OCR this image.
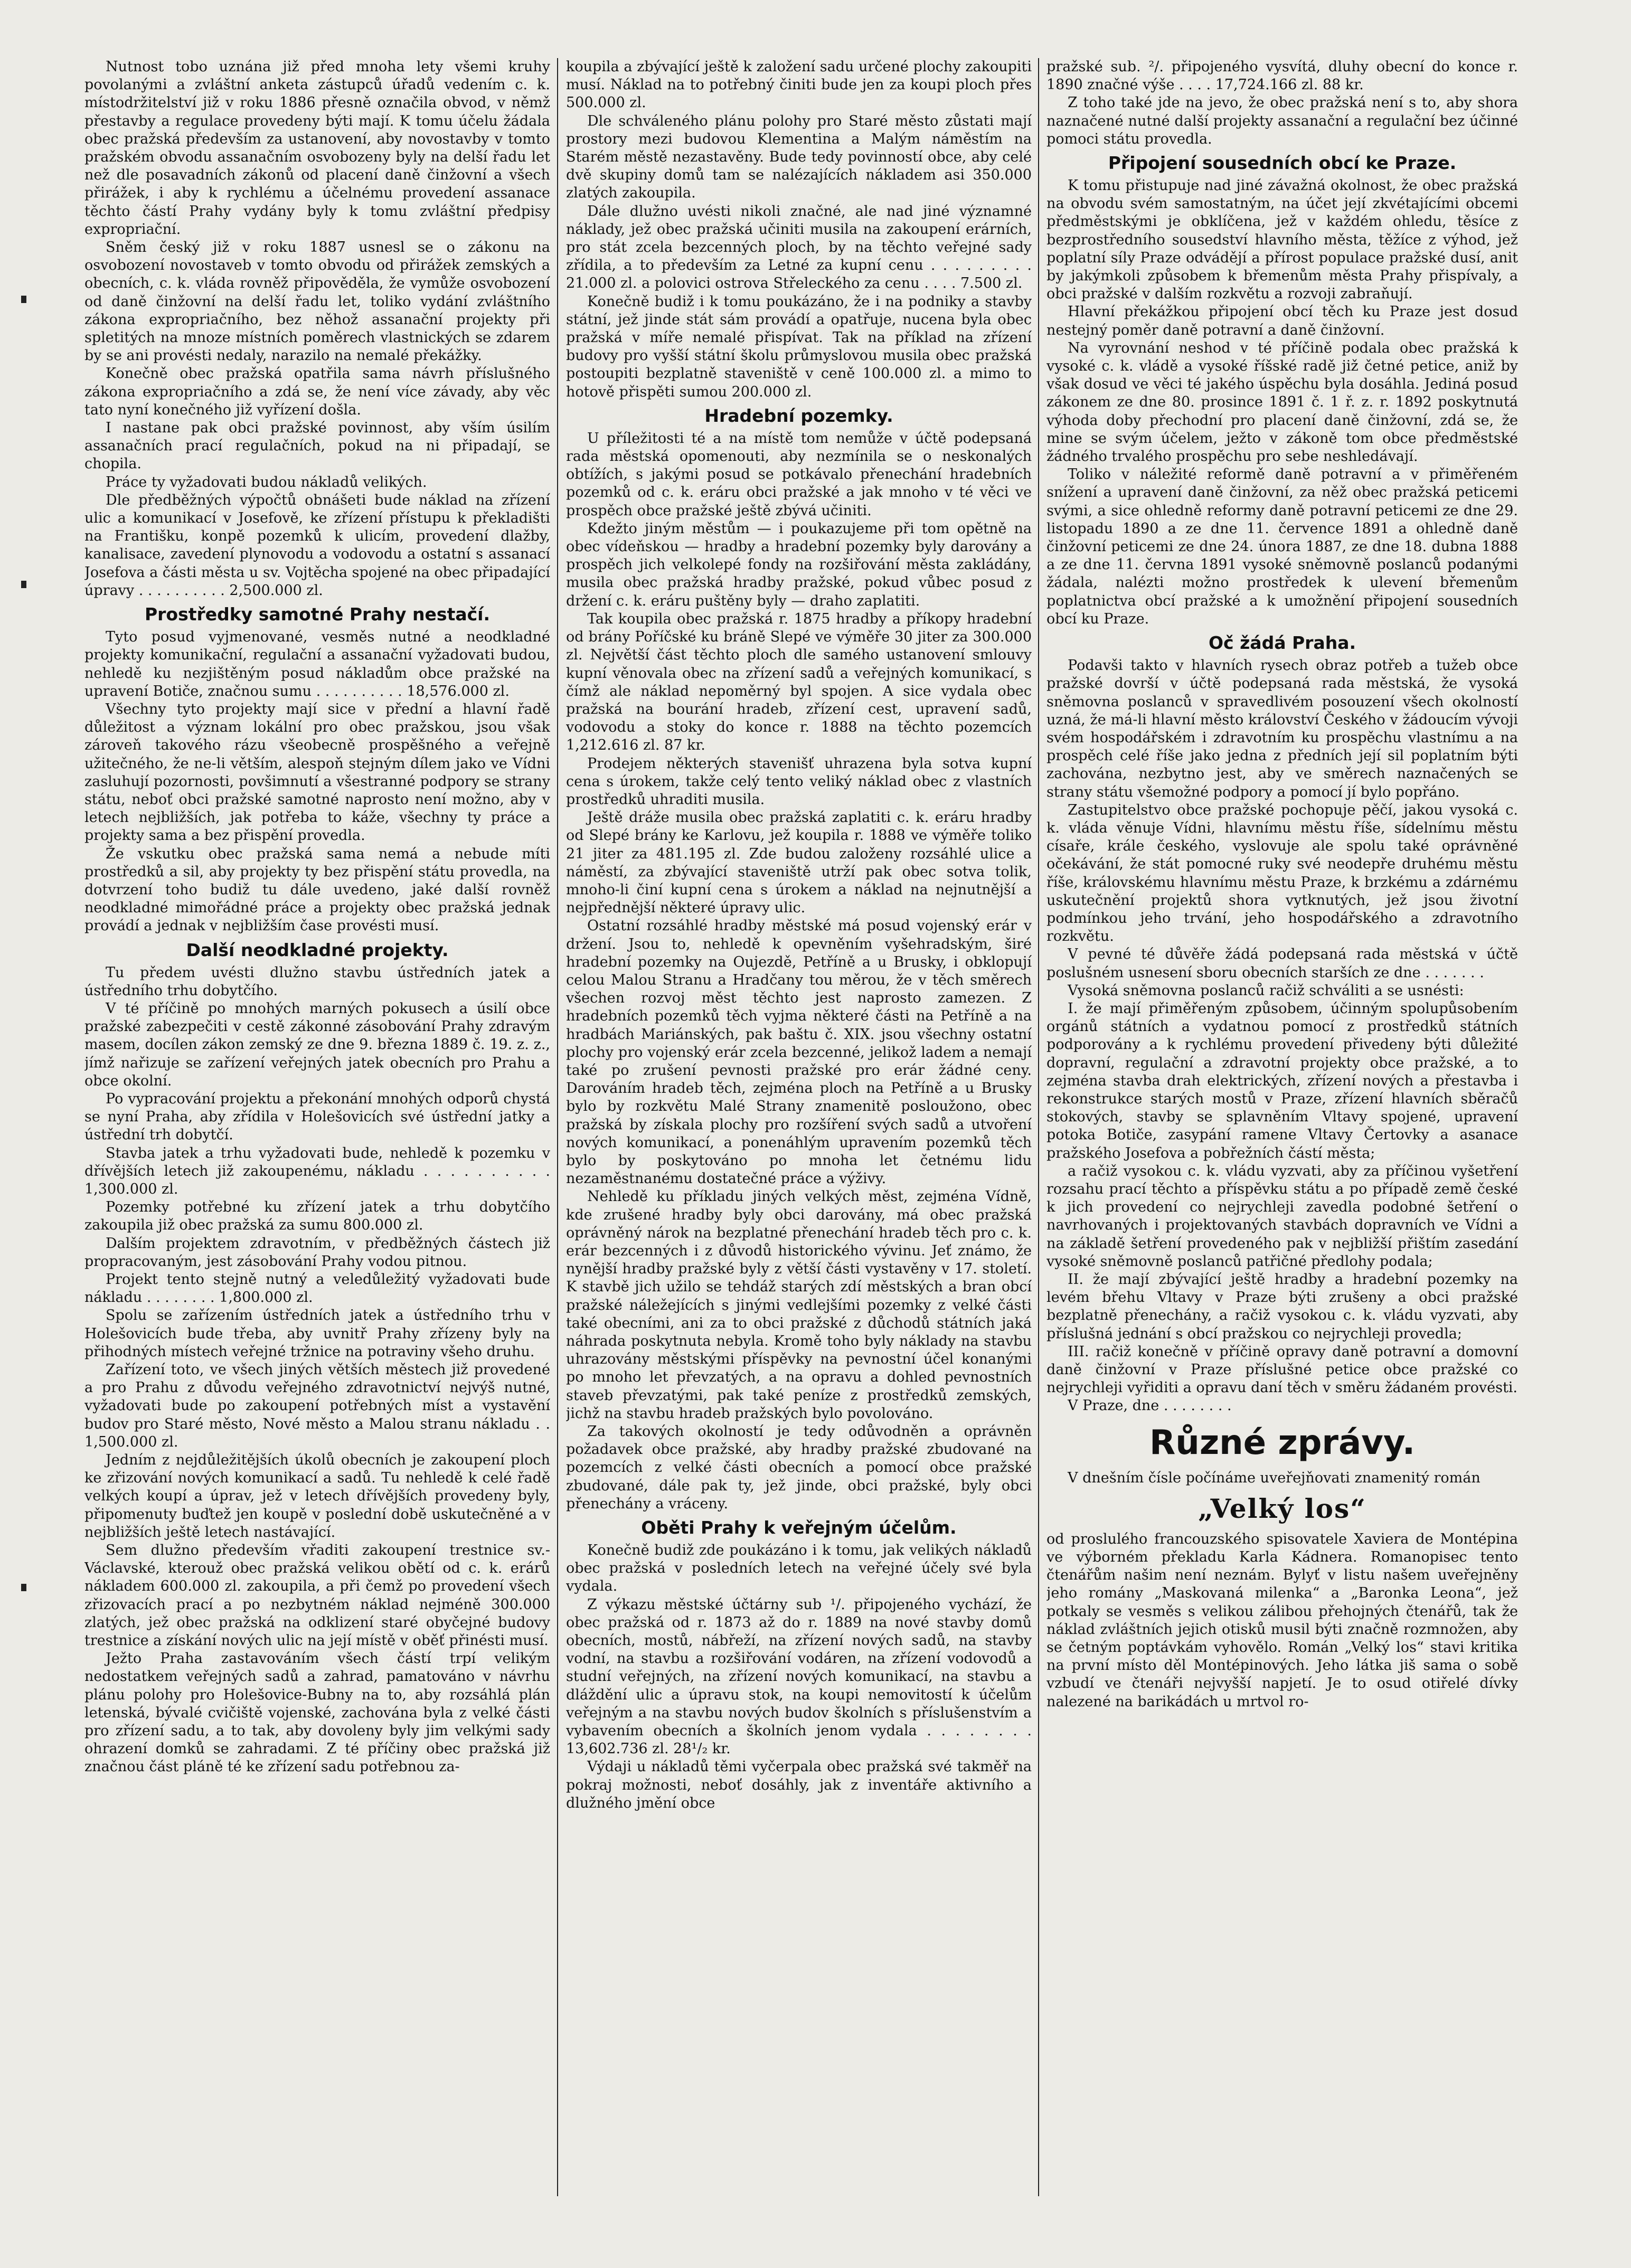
Nutnost tobo uznána již před mnoha lety všemi kruhy povolanými a zvláštní anketa zástupců úřadů vedením c. k. místodržitelství již v roku 1886 přesně označila obvod, v němž přestavby a regulace provedeny býti mají. K tomu účelu žádala obec pražská především za ustanovení, aby novostavby v tomto pražském obvodu assanačním osvobozeny byly na delší řadu let než dle posavadních zákonů od placení daně činžovní a všech přirážek, i aby k rychlému a účelnému provedení assanace těchto částí Prahy vydány byly k tomu zvláštní předpisy expropriační.

Sněm český již v roku 1887 usnesl se o zákonu na osvobození novostaveb v tomto obvodu od přirážek zemských a obecních, c. k. vláda rovněž připověděla, že vymůže osvobození od daně činžovní na delší řadu let, toliko vydání zvláštního zákona expropriačního, bez něhož assanační projekty při spletitých na mnoze místních poměrech vlastnických se zdarem by se ani provésti nedaly, narazilo na nemalé překážky.

Konečně obec pražská opatřila sama návrh příslušného zákona expropriačního a zdá se, že není více závady, aby věc tato nyní konečného již vyřízení došla.

I nastane pak obci pražské povinnost, aby vším úsilím assanačních prací regulačních, pokud na ni připadají, se chopila.

Práce ty vyžadovati budou nákladů velikých.

Dle předběžných výpočtů obnášeti bude náklad na zřízení ulic a komunikací v Josefově, ke zřízení přístupu k překladišti na Františku, konpě pozemků k ulicím, provedení dlažby, kanalisace, zavedení plynovodu a vodovodu a ostatní s assanací Josefova a části města u sv. Vojtěcha spojené na obec připadající úpravy . . . . . . . . . . 2,500.000 zl.

Prostředky samotné Prahy nestačí.

Tyto posud vyjmenované, vesměs nutné a neodkladné projekty komunikační, regulační a assanační vyžadovati budou, nehledě ku nezjištěným posud nákladům obce pražské na upravení Botiče, značnou sumu . . . . . . . . . . 18,576.000 zl.

Všechny tyto projekty mají sice v přední a hlavní řadě důležitost a význam lokální pro obec pražskou, jsou však zároveň takového rázu všeobecně prospěšného a veřejně užitečného, že ne-li větším, alespoň stejným dílem jako ve Vídni zasluhují pozornosti, povšimnutí a všestranné podpory se strany státu, neboť obci pražské samotné naprosto není možno, aby v letech nejbližších, jak potřeba to káže, všechny ty práce a projekty sama a bez přispění provedla.

Že vskutku obec pražská sama nemá a nebude míti prostředků a sil, aby projekty ty bez přispění státu provedla, na dotvrzení toho budiž tu dále uvedeno, jaké další rovněž neodkladné mimořádné práce a projekty obec pražská jednak provádí a jednak v nejbližším čase provésti musí.

Další neodkladné projekty.

Tu předem uvésti dlužno stavbu ústředních jatek a ústředního trhu dobytčího.

V té příčině po mnohých marných pokusech a úsilí obce pražské zabezpečiti v cestě zákonné zásobování Prahy zdravým masem, docílen zákon zemský ze dne 9. března 1889 č. 19. z. z., jímž nařizuje se zařízení veřejných jatek obecních pro Prahu a obce okolní.

Po vypracování projektu a překonání mnohých odporů chystá se nyní Praha, aby zřídila v Holešovicích své ústřední jatky a ústřední trh dobytčí.

Stavba jatek a trhu vyžadovati bude, nehledě k pozemku v dřívějších letech již zakoupenému, nákladu . . . . . . . . . . 1,300.000 zl.

Pozemky potřebné ku zřízení jatek a trhu dobytčího zakoupila již obec pražská za sumu 800.000 zl.

Dalším projektem zdravotním, v předběžných částech již propracovaným, jest zásobování Prahy vodou pitnou.

Projekt tento stejně nutný a veledůležitý vyžadovati bude nákladu . . . . . . . . 1,800.000 zl.

Spolu se zařízením ústředních jatek a ústředního trhu v Holešovicích bude třeba, aby uvnitř Prahy zřízeny byly na přihodných místech veřejné tržnice na potraviny všeho druhu.

Zařízení toto, ve všech jiných větších městech již provedené a pro Prahu z důvodu veřejného zdravotnictví nejvýš nutné, vyžadovati bude po zakoupení potřebných míst a vystavění budov pro Staré město, Nové město a Malou stranu nákladu . . 1,500.000 zl.

Jedním z nejdůležitějších úkolů obecních je zakoupení ploch ke zřizování nových komunikací a sadů. Tu nehledě k celé řadě velkých koupí a úprav, jež v letech dřívějších provedeny byly, připomenuty buďtež jen koupě v poslední době uskutečněné a v nejbližších ještě letech nastávající.

Sem dlužno především vřaditi zakoupení trestnice sv.-Václavské, kterouž obec pražská velikou obětí od c. k. erárů nákladem 600.000 zl. zakoupila, a při čemž po provedení všech zřizovacích prací a po nezbytném náklad nejméně 300.000 zlatých, jež obec pražská na odklizení staré obyčejné budovy trestnice a získání nových ulic na její místě v oběť přinésti musí.

Ježto Praha zastavováním všech částí trpí velikým nedostatkem veřejných sadů a zahrad, pamatováno v návrhu plánu polohy pro Holešovice-Bubny na to, aby rozsáhlá plán letenská, bývalé cvičiště vojenské, zachována byla z velké části pro zřízení sadu, a to tak, aby dovoleny byly jim velkými sady ohrazení domků se zahradami. Z té příčiny obec pražská již značnou část pláně té ke zřízení sadu potřebnou za-

koupila a zbývající ještě k založení sadu určené plochy zakoupiti musí. Náklad na to potřebný činiti bude jen za koupi ploch přes 500.000 zl.

Dle schváleného plánu polohy pro Staré město zůstati mají prostory mezi budovou Klementina a Malým náměstím na Starém městě nezastavěny. Bude tedy povinností obce, aby celé dvě skupiny domů tam se nalézajících nákladem asi 350.000 zlatých zakoupila.

Dále dlužno uvésti nikoli značné, ale nad jiné významné náklady, jež obec pražská učiniti musila na zakoupení erárních, pro stát zcela bezcenných ploch, by na těchto veřejné sady zřídila, a to především za Letné za kupní cenu . . . . . . . . . 21.000 zl. a polovici ostrova Střeleckého za cenu . . . . 7.500 zl.

Konečně budiž i k tomu poukázáno, že i na podniky a stavby státní, jež jinde stát sám provádí a opatřuje, nucena byla obec pražská v míře nemalé přispívat. Tak na příklad na zřízení budovy pro vyšší státní školu průmyslovou musila obec pražská postoupiti bezplatně staveniště v ceně 100.000 zl. a mimo to hotově přispěti sumou 200.000 zl.

Hradební pozemky.

U příležitosti té a na místě tom nemůže v účtě podepsaná rada městská opomenouti, aby nezmínila se o neskonalých obtížích, s jakými posud se potkávalo přenechání hradebních pozemků od c. k. eráru obci pražské a jak mnoho v té věci ve prospěch obce pražské ještě zbývá učiniti.

Kdežto jiným městům — i poukazujeme při tom opětně na obec vídeňskou — hradby a hradební pozemky byly darovány a prospěch jich velkolepé fondy na rozšiřování města zakládány, musila obec pražská hradby pražské, pokud vůbec posud z držení c. k. eráru puštěny byly — draho zaplatiti.

Tak koupila obec pražská r. 1875 hradby a příkopy hradební od brány Poříčské ku bráně Slepé ve výměře 30 jiter za 300.000 zl. Největší část těchto ploch dle samého ustanovení smlouvy kupní věnovala obec na zřízení sadů a veřejných komunikací, s čímž ale náklad nepoměrný byl spojen. A sice vydala obec pražská na bourání hradeb, zřízení cest, upravení sadů, vodovodu a stoky do konce r. 1888 na těchto pozemcích 1,212.616 zl. 87 kr.

Prodejem některých stavenišť uhrazena byla sotva kupní cena s úrokem, takže celý tento veliký náklad obec z vlastních prostředků uhraditi musila.

Ještě dráže musila obec pražská zaplatiti c. k. eráru hradby od Slepé brány ke Karlovu, jež koupila r. 1888 ve výměře toliko 21 jiter za 481.195 zl. Zde budou založeny rozsáhlé ulice a náměstí, za zbývající staveniště utrží pak obec sotva tolik, mnoho-li činí kupní cena s úrokem a náklad na nejnutnější a nejpřednější některé úpravy ulic.

Ostatní rozsáhlé hradby městské má posud vojenský erár v držení. Jsou to, nehledě k opevněním vyšehradským, širé hradební pozemky na Oujezdě, Petříně a u Brusky, i obklopují celou Malou Stranu a Hradčany tou měrou, že v těch směrech všechen rozvoj měst těchto jest naprosto zamezen. Z hradebních pozemků těch vyjma některé části na Petříně a na hradbách Mariánských, pak baštu č. XIX. jsou všechny ostatní plochy pro vojenský erár zcela bezcenné, jelikož ladem a nemají také po zrušení pevnosti pražské pro erár žádné ceny. Darováním hradeb těch, zejména ploch na Petříně a u Brusky bylo by rozkvětu Malé Strany znamenitě posloužono, obec pražská by získala plochy pro rozšíření svých sadů a utvoření nových komunikací, a ponenáhlým upravením pozemků těch bylo by poskytováno po mnoha let četnému lidu nezaměstnanému dostatečné práce a výživy.

Nehledě ku příkladu jiných velkých měst, zejména Vídně, kde zrušené hradby byly obci darovány, má obec pražská oprávněný nárok na bezplatné přenechání hradeb těch pro c. k. erár bezcenných i z důvodů historického vývinu. Jeť známo, že nynější hradby pražské byly z větší části vystavěny v 17. století. K stavbě jich užilo se tehdáž starých zdí městských a bran obcí pražské náležejících s jinými vedlejšími pozemky z velké části také obecními, ani za to obci pražské z důchodů státních jaká náhrada poskytnuta nebyla. Kromě toho byly náklady na stavbu uhrazovány městskými příspěvky na pevnostní účel konanými po mnoho let převzatých, a na opravu a dohled pevnostních staveb převzatými, pak také peníze z prostředků zemských, jichž na stavbu hradeb pražských bylo povolováno.

Za takových okolností je tedy odůvodněn a oprávněn požadavek obce pražské, aby hradby pražské zbudované na pozemcích z velké části obecních a pomocí obce pražské zbudované, dále pak ty, jež jinde, obci pražské, byly obci přenechány a vráceny.

Oběti Prahy k veřejným účelům.

Konečně budiž zde poukázáno i k tomu, jak velikých nákladů obec pražská v posledních letech na veřejné účely své byla vydala.

Z výkazu městské účtárny sub ¹/. připojeného vychází, že obec pražská od r. 1873 až do r. 1889 na nové stavby domů obecních, mostů, nábřeží, na zřízení nových sadů, na stavby vodní, na stavbu a rozšiřování vodáren, na zřízení vodovodů a studní veřejných, na zřízení nových komunikací, na stavbu a dláždění ulic a úpravu stok, na koupi nemovitostí k účelům veřejným a na stavbu nových budov školních s příslušenstvím a vybavením obecních a školních jenom vydala . . . . . . . . 13,602.736 zl. 28¹/₂ kr.

Výdaji u nákladů těmi vyčerpala obec pražská své takměř na pokraj možnosti, neboť dosáhly, jak z inventáře aktivního a dlužného jmění obce

pražské sub. ²/. připojeného vysvítá, dluhy obecní do konce r. 1890 značné výše . . . . 17,724.166 zl. 88 kr.

Z toho také jde na jevo, že obec pražská není s to, aby shora naznačené nutné další projekty assanační a regulační bez účinné pomoci státu provedla.

Připojení sousedních obcí ke Praze.

K tomu přistupuje nad jiné závažná okolnost, že obec pražská na obvodu svém samostatným, na účet její zkvétajícími obcemi předměstskými je obklíčena, jež v každém ohledu, těsíce z bezprostředního sousedství hlavního města, těžíce z výhod, jež poplatní síly Praze odvádějí a přírost populace pražské dusí, anit by jakýmkoli způsobem k břemenům města Prahy přispívaly, a obci pražské v dalším rozkvětu a rozvoji zabraňují.

Hlavní překážkou připojení obcí těch ku Praze jest dosud nestejný poměr daně potravní a daně činžovní.

Na vyrovnání neshod v té příčině podala obec pražská k vysoké c. k. vládě a vysoké říšské radě již četné petice, aniž by však dosud ve věci té jakého úspěchu byla dosáhla. Jediná posud zákonem ze dne 80. prosince 1891 č. 1 ř. z. r. 1892 poskytnutá výhoda doby přechodní pro placení daně činžovní, zdá se, že mine se svým účelem, ježto v zákoně tom obce předměstské žádného trvalého prospěchu pro sebe neshledávají.

Toliko v náležité reformě daně potravní a v přiměřeném snížení a upravení daně činžovní, za něž obec pražská peticemi svými, a sice ohledně reformy daně potravní peticemi ze dne 29. listopadu 1890 a ze dne 11. července 1891 a ohledně daně činžovní peticemi ze dne 24. února 1887, ze dne 18. dubna 1888 a ze dne 11. června 1891 vysoké sněmovně poslanců podanými žádala, nalézti možno prostředek k ulevení břemenům poplatnictva obcí pražské a k umožnění připojení sousedních obcí ku Praze.

Oč žádá Praha.

Podavši takto v hlavních rysech obraz potřeb a tužeb obce pražské dovrší v účtě podepsaná rada městská, že vysoká sněmovna poslanců v spravedlivém posouzení všech okolností uzná, že má-li hlavní město království Českého v žádoucím vývoji svém hospodářském i zdravotním ku prospěchu vlastnímu a na prospěch celé říše jako jedna z předních její sil poplatním býti zachována, nezbytno jest, aby ve směrech naznačených se strany státu všemožné podpory a pomocí jí bylo popřáno.

Zastupitelstvo obce pražské pochopuje pěčí, jakou vysoká c. k. vláda věnuje Vídni, hlavnímu městu říše, sídelnímu městu císaře, krále českého, vyslovuje ale spolu také oprávněné očekávání, že stát pomocné ruky své neodepře druhému městu říše, královskému hlavnímu městu Praze, k brzkému a zdárnému uskutečnění projektů shora vytknutých, jež jsou životní podmínkou jeho trvání, jeho hospodářského a zdravotního rozkvětu.

V pevné té důvěře žádá podepsaná rada městská v účtě poslušném usnesení sboru obecních starších ze dne . . . . . . .

Vysoká sněmovna poslanců račiž schváliti a se usnésti:

I. že mají přiměřeným způsobem, účinným spolupůsobením orgánů státních a vydatnou pomocí z prostředků státních podporovány a k rychlému provedení přivedeny býti důležité dopravní, regulační a zdravotní projekty obce pražské, a to zejména stavba drah elektrických, zřízení nových a přestavba i rekonstrukce starých mostů v Praze, zřízení hlavních sběračů stokových, stavby se splavněním Vltavy spojené, upravení potoka Botiče, zasypání ramene Vltavy Čertovky a asanace pražského Josefova a pobřežních částí města;

a račiž vysokou c. k. vládu vyzvati, aby za příčinou vyšetření rozsahu prací těchto a příspěvku státu a po případě země české k jich provedení co nejrychleji zavedla podobné šetření o navrhovaných i projektovaných stavbách dopravních ve Vídni a na základě šetření provedeného pak v nejbližší přištím zasedání vysoké sněmovně poslanců patřičné předlohy podala;

II. že mají zbývající ještě hradby a hradební pozemky na levém břehu Vltavy v Praze býti zrušeny a obci pražské bezplatně přenechány, a račiž vysokou c. k. vládu vyzvati, aby příslušná jednání s obcí pražskou co nejrychleji provedla;

III. račiž konečně v příčině opravy daně potravní a domovní daně činžovní v Praze příslušné petice obce pražské co nejrychleji vyřiditi a opravu daní těch v směru žádaném provésti.

V Praze, dne . . . . . . . .

Různé zprávy.

V dnešním čísle počínáme uveřejňovati znamenitý román

„Velký los“

od proslulého francouzského spisovatele Xaviera de Montépina ve výborném překladu Karla Kádnera. Romanopisec tento čtenářům našim není neznám. Bylyť v listu našem uveřejněny jeho romány „Maskovaná milenka“ a „Baronka Leona“, jež potkaly se vesměs s velikou zálibou přehojných čtenářů, tak že náklad zvláštních jejich otisků musil býti značně rozmnožen, aby se četným poptávkám vyhovělo. Román „Velký los“ stavi kritika na první místo děl Montépinových. Jeho látka jiš sama o sobě vzbudí ve čtenáři nejvyšší napjetí. Je to osud otiřelé dívky nalezené na barikádách u mrtvol ro-
